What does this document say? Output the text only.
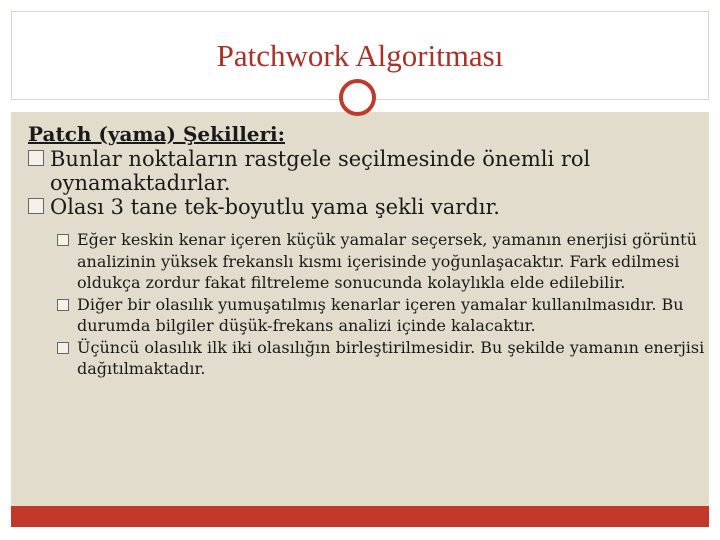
Patchwork Algoritması

Patch (yama) Şekilleri:

Bunlar noktaların rastgele seçilmesinde önemli rol oynamaktadırlar.

Olası 3 tane tek-boyutlu yama şekli vardır.

Eğer keskin kenar içeren küçük yamalar seçersek, yamanın enerjisi görüntü analizinin yüksek frekanslı kısmı içerisinde yoğunlaşacaktır. Fark edilmesi oldukça zordur fakat filtreleme sonucunda kolaylıkla elde edilebilir.

Diğer bir olasılık yumuşatılmış kenarlar içeren yamalar kullanılmasıdır. Bu durumda bilgiler düşük-frekans analizi içinde kalacaktır.

Üçüncü olasılık ilk iki olasılığın birleştirilmesidir. Bu şekilde yamanın enerjisi dağıtılmaktadır.
